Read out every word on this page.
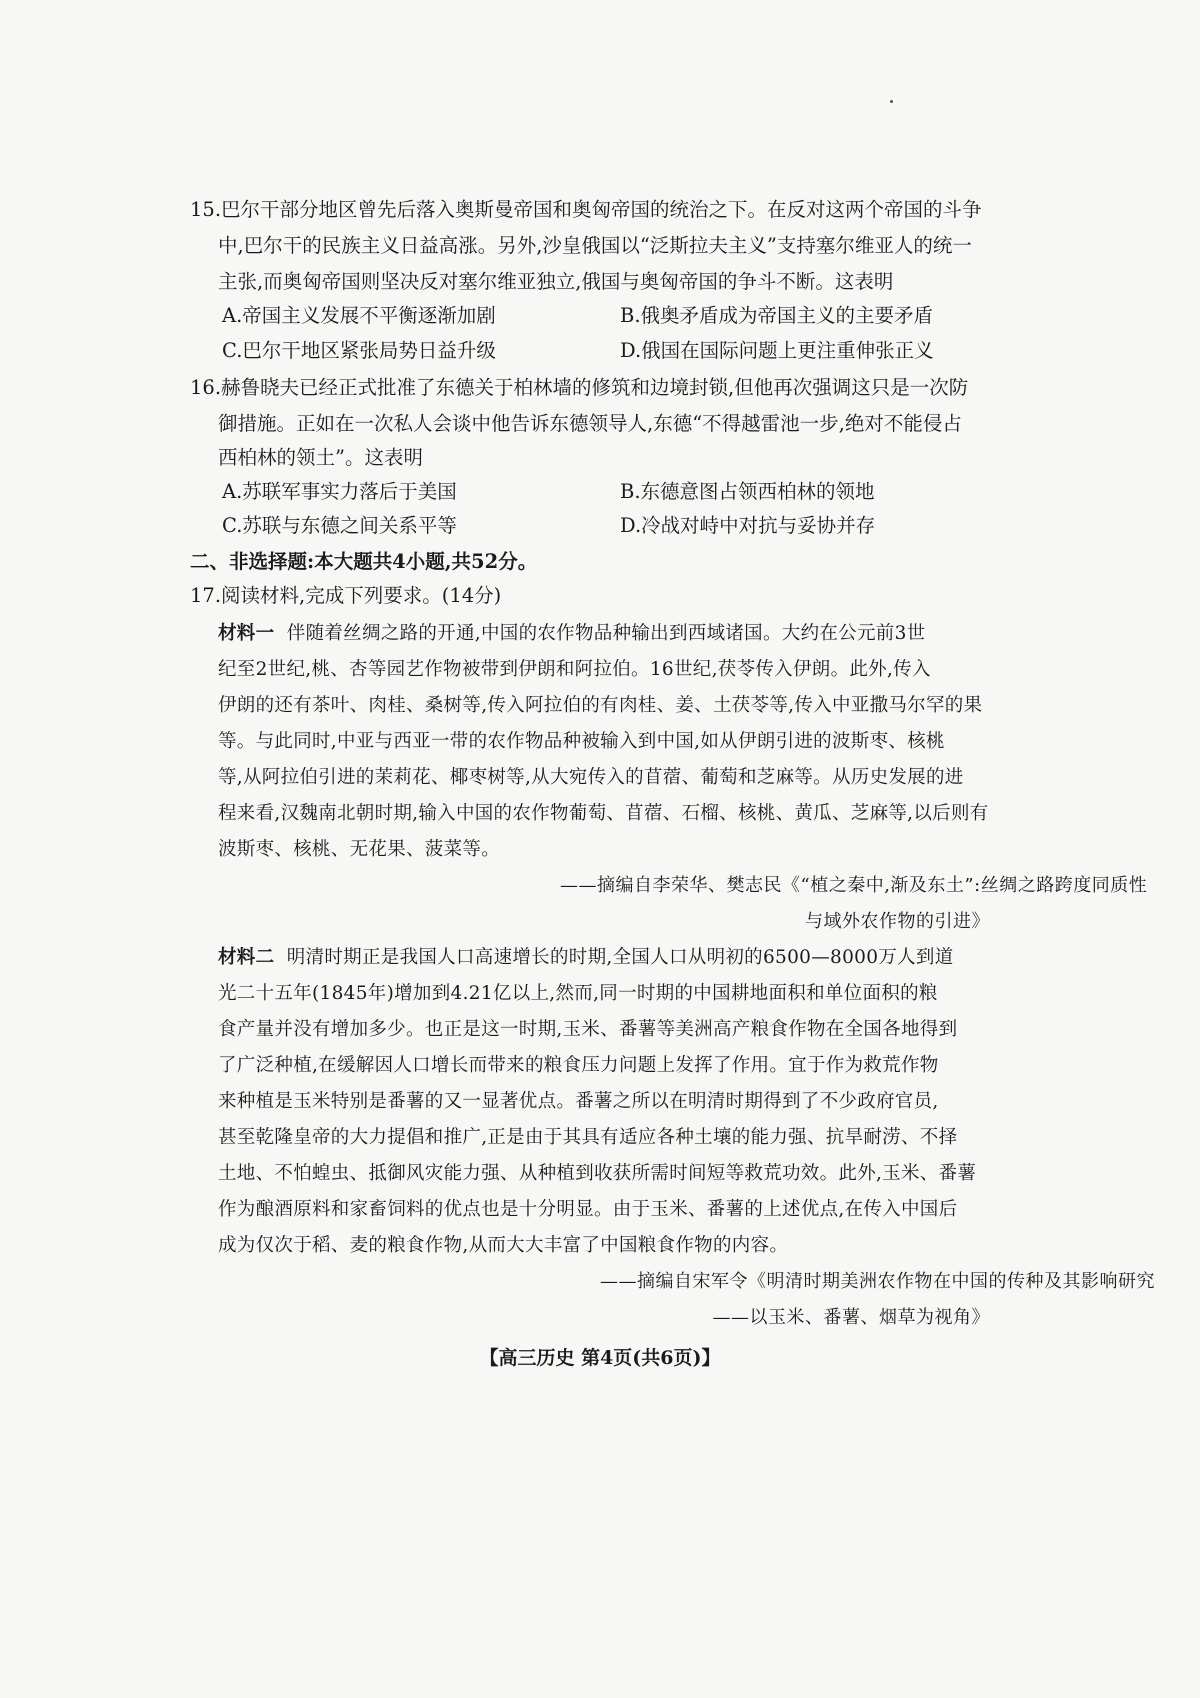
15.巴尔干部分地区曾先后落入奥斯曼帝国和奥匈帝国的统治之下。在反对这两个帝国的斗争
中,巴尔干的民族主义日益高涨。另外,沙皇俄国以“泛斯拉夫主义”支持塞尔维亚人的统一
主张,而奥匈帝国则坚决反对塞尔维亚独立,俄国与奥匈帝国的争斗不断。这表明
A.帝国主义发展不平衡逐渐加剧	B.俄奥矛盾成为帝国主义的主要矛盾
C.巴尔干地区紧张局势日益升级	D.俄国在国际问题上更注重伸张正义
16.赫鲁晓夫已经正式批准了东德关于柏林墙的修筑和边境封锁,但他再次强调这只是一次防
御措施。正如在一次私人会谈中他告诉东德领导人,东德“不得越雷池一步,绝对不能侵占
西柏林的领土”。这表明
A.苏联军事实力落后于美国	B.东德意图占领西柏林的领地
C.苏联与东德之间关系平等	D.冷战对峙中对抗与妥协并存
二、非选择题:本大题共4小题,共52分。
17.阅读材料,完成下列要求。(14分)
材料一 伴随着丝绸之路的开通,中国的农作物品种输出到西域诸国。大约在公元前3世
纪至2世纪,桃、杏等园艺作物被带到伊朗和阿拉伯。16世纪,茯苓传入伊朗。此外,传入
伊朗的还有茶叶、肉桂、桑树等,传入阿拉伯的有肉桂、姜、土茯苓等,传入中亚撒马尔罕的果
等。与此同时,中亚与西亚一带的农作物品种被输入到中国,如从伊朗引进的波斯枣、核桃
等,从阿拉伯引进的茉莉花、椰枣树等,从大宛传入的苜蓿、葡萄和芝麻等。从历史发展的进
程来看,汉魏南北朝时期,输入中国的农作物葡萄、苜蓿、石榴、核桃、黄瓜、芝麻等,以后则有
波斯枣、核桃、无花果、菠菜等。
——摘编自李荣华、樊志民《“植之秦中,渐及东土”:丝绸之路跨度同质性
与域外农作物的引进》
材料二 明清时期正是我国人口高速增长的时期,全国人口从明初的6500—8000万人到道
光二十五年(1845年)增加到4.21亿以上,然而,同一时期的中国耕地面积和单位面积的粮
食产量并没有增加多少。也正是这一时期,玉米、番薯等美洲高产粮食作物在全国各地得到
了广泛种植,在缓解因人口增长而带来的粮食压力问题上发挥了作用。宜于作为救荒作物
来种植是玉米特别是番薯的又一显著优点。番薯之所以在明清时期得到了不少政府官员,
甚至乾隆皇帝的大力提倡和推广,正是由于其具有适应各种土壤的能力强、抗旱耐涝、不择
土地、不怕蝗虫、抵御风灾能力强、从种植到收获所需时间短等救荒功效。此外,玉米、番薯
作为酿酒原料和家畜饲料的优点也是十分明显。由于玉米、番薯的上述优点,在传入中国后
成为仅次于稻、麦的粮食作物,从而大大丰富了中国粮食作物的内容。
——摘编自宋军令《明清时期美洲农作物在中国的传种及其影响研究
——以玉米、番薯、烟草为视角》
【高三历史 第4页(共6页)】
